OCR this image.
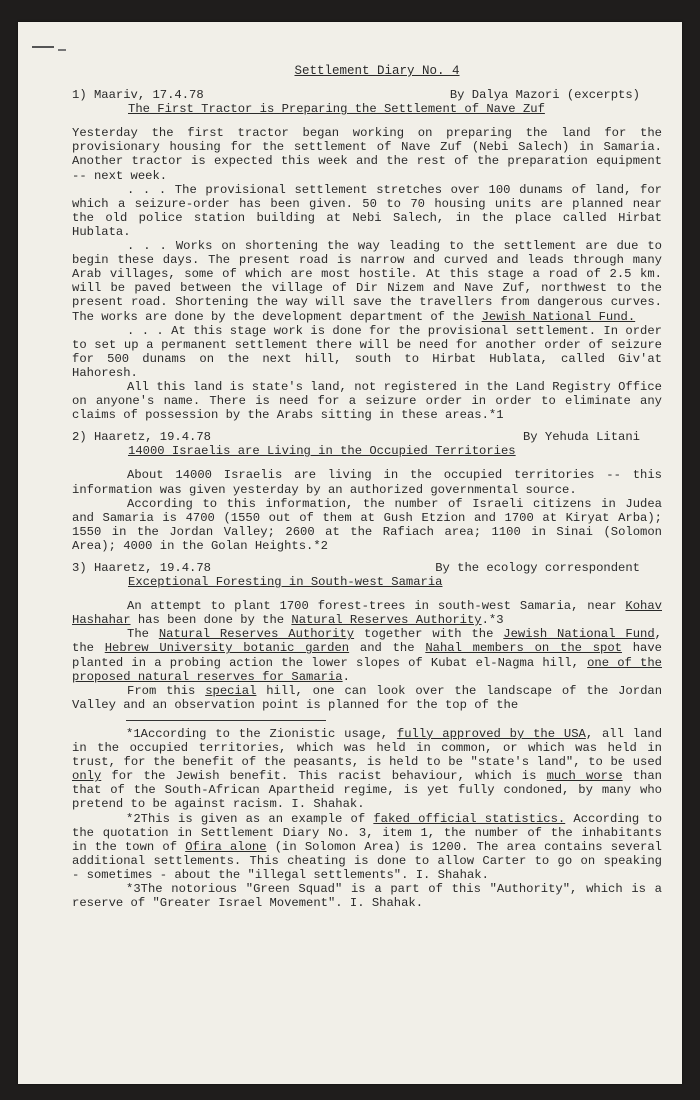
Settlement Diary No. 4
1) Maariv, 17.4.78	By Dalya Mazori (excerpts)
The First Tractor is Preparing the Settlement of Nave Zuf

Yesterday the first tractor began working on preparing the land for the provisionary housing for the settlement of Nave Zuf (Nebi Salech) in Samaria. Another tractor is expected this week and the rest of the preparation equipment -- next week.

. . . The provisional settlement stretches over 100 dunams of land, for which a seizure-order has been given. 50 to 70 housing units are planned near the old police station building at Nebi Salech, in the place called Hirbat Hublata.

. . . Works on shortening the way leading to the settlement are due to begin these days. The present road is narrow and curved and leads through many Arab villages, some of which are most hostile. At this stage a road of 2.5 km. will be paved between the village of Dir Nizem and Nave Zuf, northwest to the present road. Shortening the way will save the travellers from dangerous curves. The works are done by the development department of the Jewish National Fund.

. . . At this stage work is done for the provisional settlement. In order to set up a permanent settlement there will be need for another order of seizure for 500 dunams on the next hill, south to Hirbat Hublata, called Giv'at Hahoresh.

All this land is state's land, not registered in the Land Registry Office on anyone's name. There is need for a seizure order in order to eliminate any claims of possession by the Arabs sitting in these areas.*1

2) Haaretz, 19.4.78	By Yehuda Litani
14000 Israelis are Living in the Occupied Territories

About 14000 Israelis are living in the occupied territories -- this information was given yesterday by an authorized governmental source.

According to this information, the number of Israeli citizens in Judea and Samaria is 4700 (1550 out of them at Gush Etzion and 1700 at Kiryat Arba); 1550 in the Jordan Valley; 2600 at the Rafiach area; 1100 in Sinai (Solomon Area); 4000 in the Golan Heights.*2

3) Haaretz, 19.4.78	By the ecology correspondent
Exceptional Foresting in South-west Samaria

An attempt to plant 1700 forest-trees in south-west Samaria, near Kohav Hashahar has been done by the Natural Reserves Authority.*3

The Natural Reserves Authority together with the Jewish National Fund, the Hebrew University botanic garden and the Nahal members on the spot have planted in a probing action the lower slopes of Kubat el-Nagma hill, one of the proposed natural reserves for Samaria.

From this special hill, one can look over the landscape of the Jordan Valley and an observation point is planned for the top of the

*1According to the Zionistic usage, fully approved by the USA, all land in the occupied territories, which was held in common, or which was held in trust, for the benefit of the peasants, is held to be "state's land", to be used only for the Jewish benefit. This racist behaviour, which is much worse than that of the South-African Apartheid regime, is yet fully condoned, by many who pretend to be against racism. I. Shahak.

*2This is given as an example of faked official statistics. According to the quotation in Settlement Diary No. 3, item 1, the number of the inhabitants in the town of Ofira alone (in Solomon Area) is 1200. The area contains several additional settlements. This cheating is done to allow Carter to go on speaking - sometimes - about the "illegal settlements". I. Shahak.

*3The notorious "Green Squad" is a part of this "Authority", which is a reserve of "Greater Israel Movement". I. Shahak.
